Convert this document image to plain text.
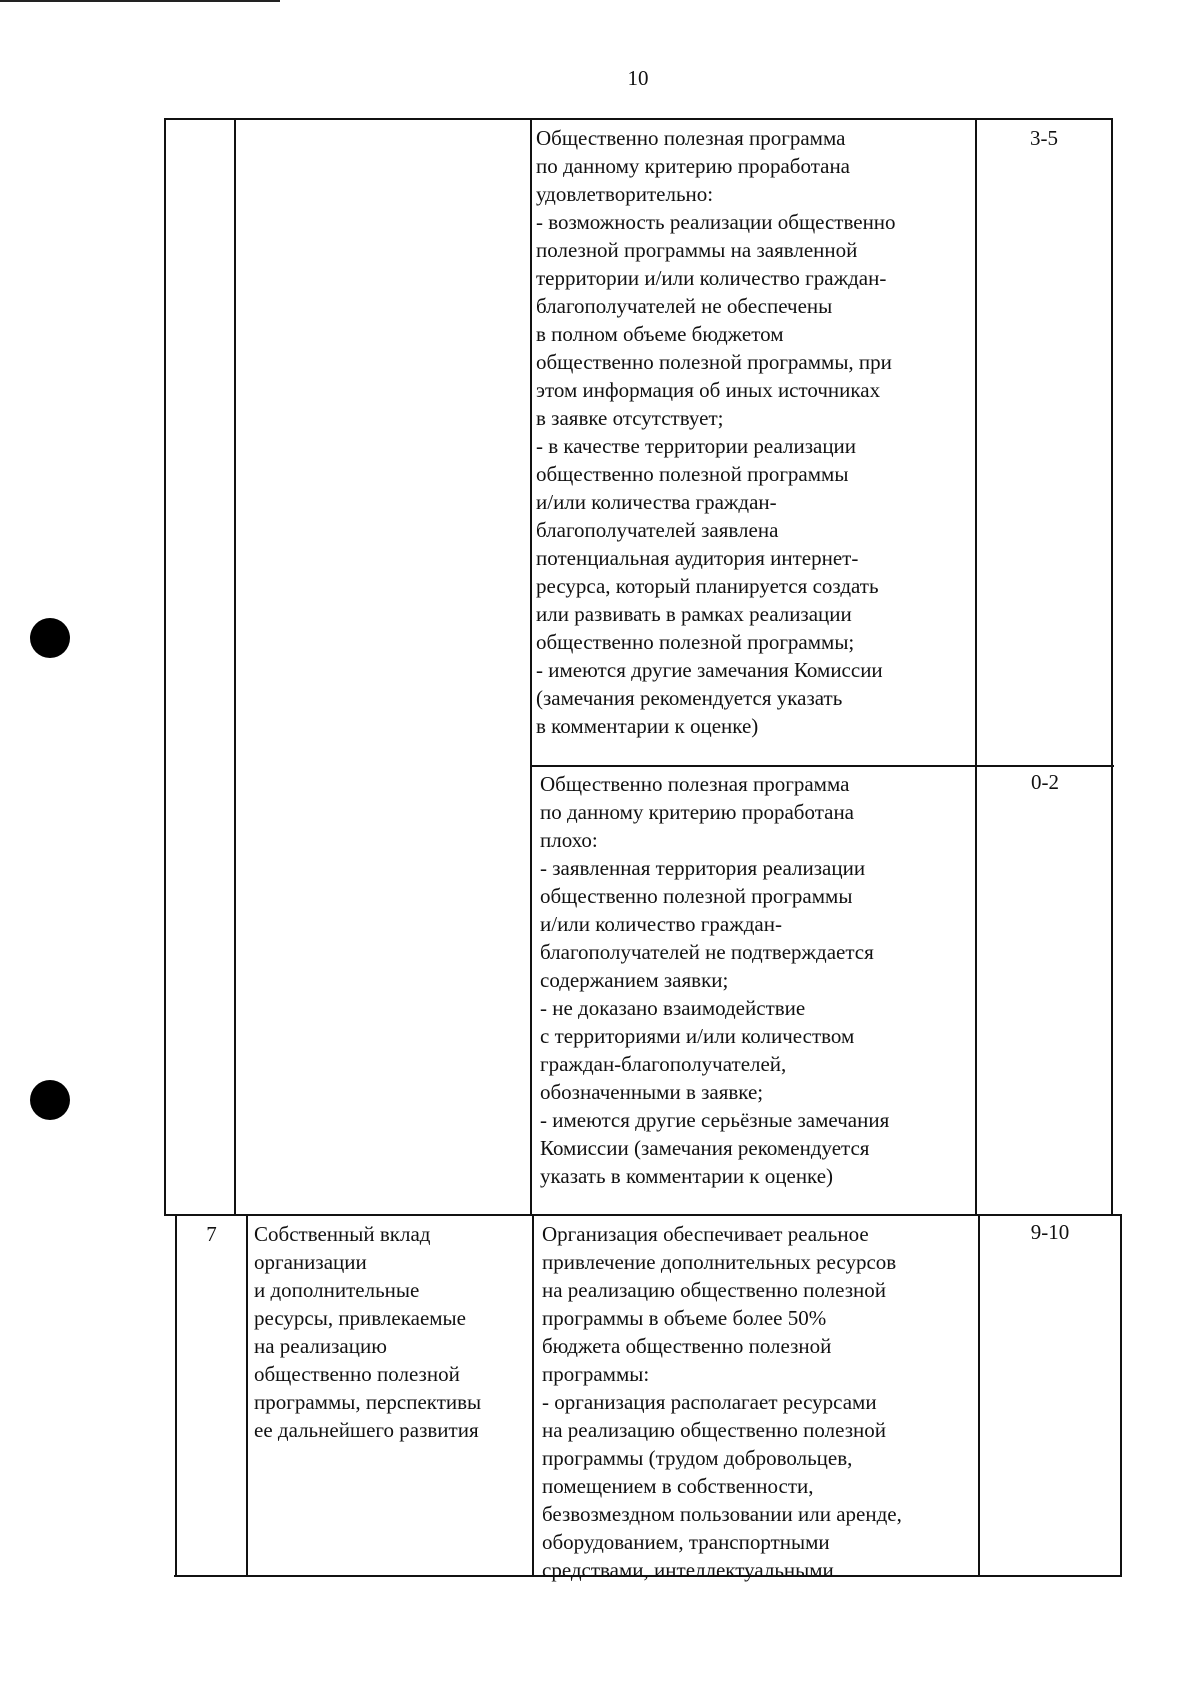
10
Общественно полезная программа
по данному критерию проработана
удовлетворительно:
- возможность реализации общественно
полезной программы на заявленной
территории и/или количество граждан-
благополучателей не обеспечены
в полном объеме бюджетом
общественно полезной программы, при
этом информация об иных источниках
в заявке отсутствует;
- в качестве территории реализации
общественно полезной программы
и/или количества граждан-
благополучателей заявлена
потенциальная аудитория интернет-
ресурса, который планируется создать
или развивать в рамках реализации
общественно полезной программы;
- имеются другие замечания Комиссии
(замечания рекомендуется указать
в комментарии к оценке)
3-5
Общественно полезная программа
по данному критерию проработана
плохо:
- заявленная территория реализации
общественно полезной программы
и/или количество граждан-
благополучателей не подтверждается
содержанием заявки;
- не доказано взаимодействие
с территориями и/или количеством
граждан-благополучателей,
обозначенными в заявке;
- имеются другие серьёзные замечания
Комиссии (замечания рекомендуется
указать в комментарии к оценке)
0-2
7	Собственный вклад
организации
и дополнительные
ресурсы, привлекаемые
на реализацию
общественно полезной
программы, перспективы
ее дальнейшего развития
Организация обеспечивает реальное
привлечение дополнительных ресурсов
на реализацию общественно полезной
программы в объеме более 50%
бюджета общественно полезной
программы:
- организация располагает ресурсами
на реализацию общественно полезной
программы (трудом добровольцев,
помещением в собственности,
безвозмездном пользовании или аренде,
оборудованием, транспортными
средствами, интеллектуальными
9-10
